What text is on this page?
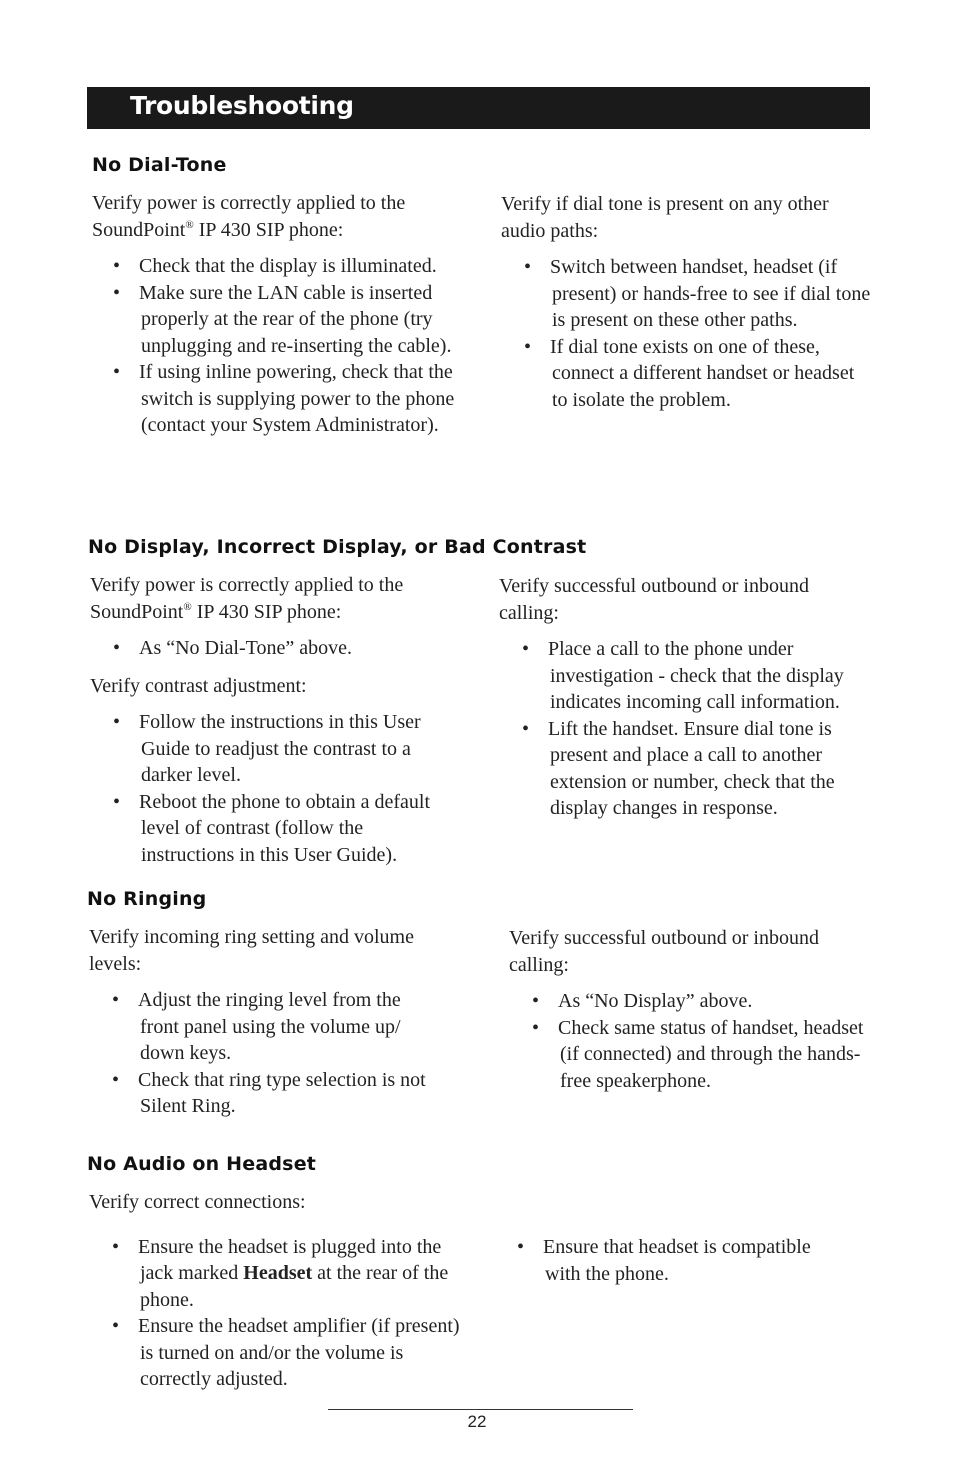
Troubleshooting
No Dial-Tone

Verify power is correctly applied to the
SoundPoint® IP 430 SIP phone:

• Check that the display is illuminated.
• Make sure the LAN cable is inserted properly at the rear of the phone (try unplugging and re-inserting the cable).
• If using inline powering, check that the switch is supplying power to the phone (contact your System Administrator).

Verify if dial tone is present on any other audio paths:

• Switch between handset, headset (if present) or hands-free to see if dial tone is present on these other paths.
• If dial tone exists on one of these, connect a different handset or headset to isolate the problem.
No Display, Incorrect Display, or Bad Contrast

Verify power is correctly applied to the
SoundPoint® IP 430 SIP phone:

• As “No Dial-Tone” above.

Verify contrast adjustment:

• Follow the instructions in this User Guide to readjust the contrast to a darker level.
• Reboot the phone to obtain a default level of contrast (follow the instructions in this User Guide).

Verify successful outbound or inbound calling:

• Place a call to the phone under investigation - check that the display indicates incoming call information.
• Lift the handset. Ensure dial tone is present and place a call to another extension or number, check that the display changes in response.
No Ringing

Verify incoming ring setting and volume levels:

• Adjust the ringing level from the front panel using the volume up/ down keys.
• Check that ring type selection is not Silent Ring.

Verify successful outbound or inbound calling:

• As “No Display” above.
• Check same status of handset, headset (if connected) and through the hands-free speakerphone.
No Audio on Headset

Verify correct connections:

• Ensure the headset is plugged into the jack marked Headset at the rear of the phone.
• Ensure the headset amplifier (if present) is turned on and/or the volume is correctly adjusted.
• Ensure that headset is compatible with the phone.
22
